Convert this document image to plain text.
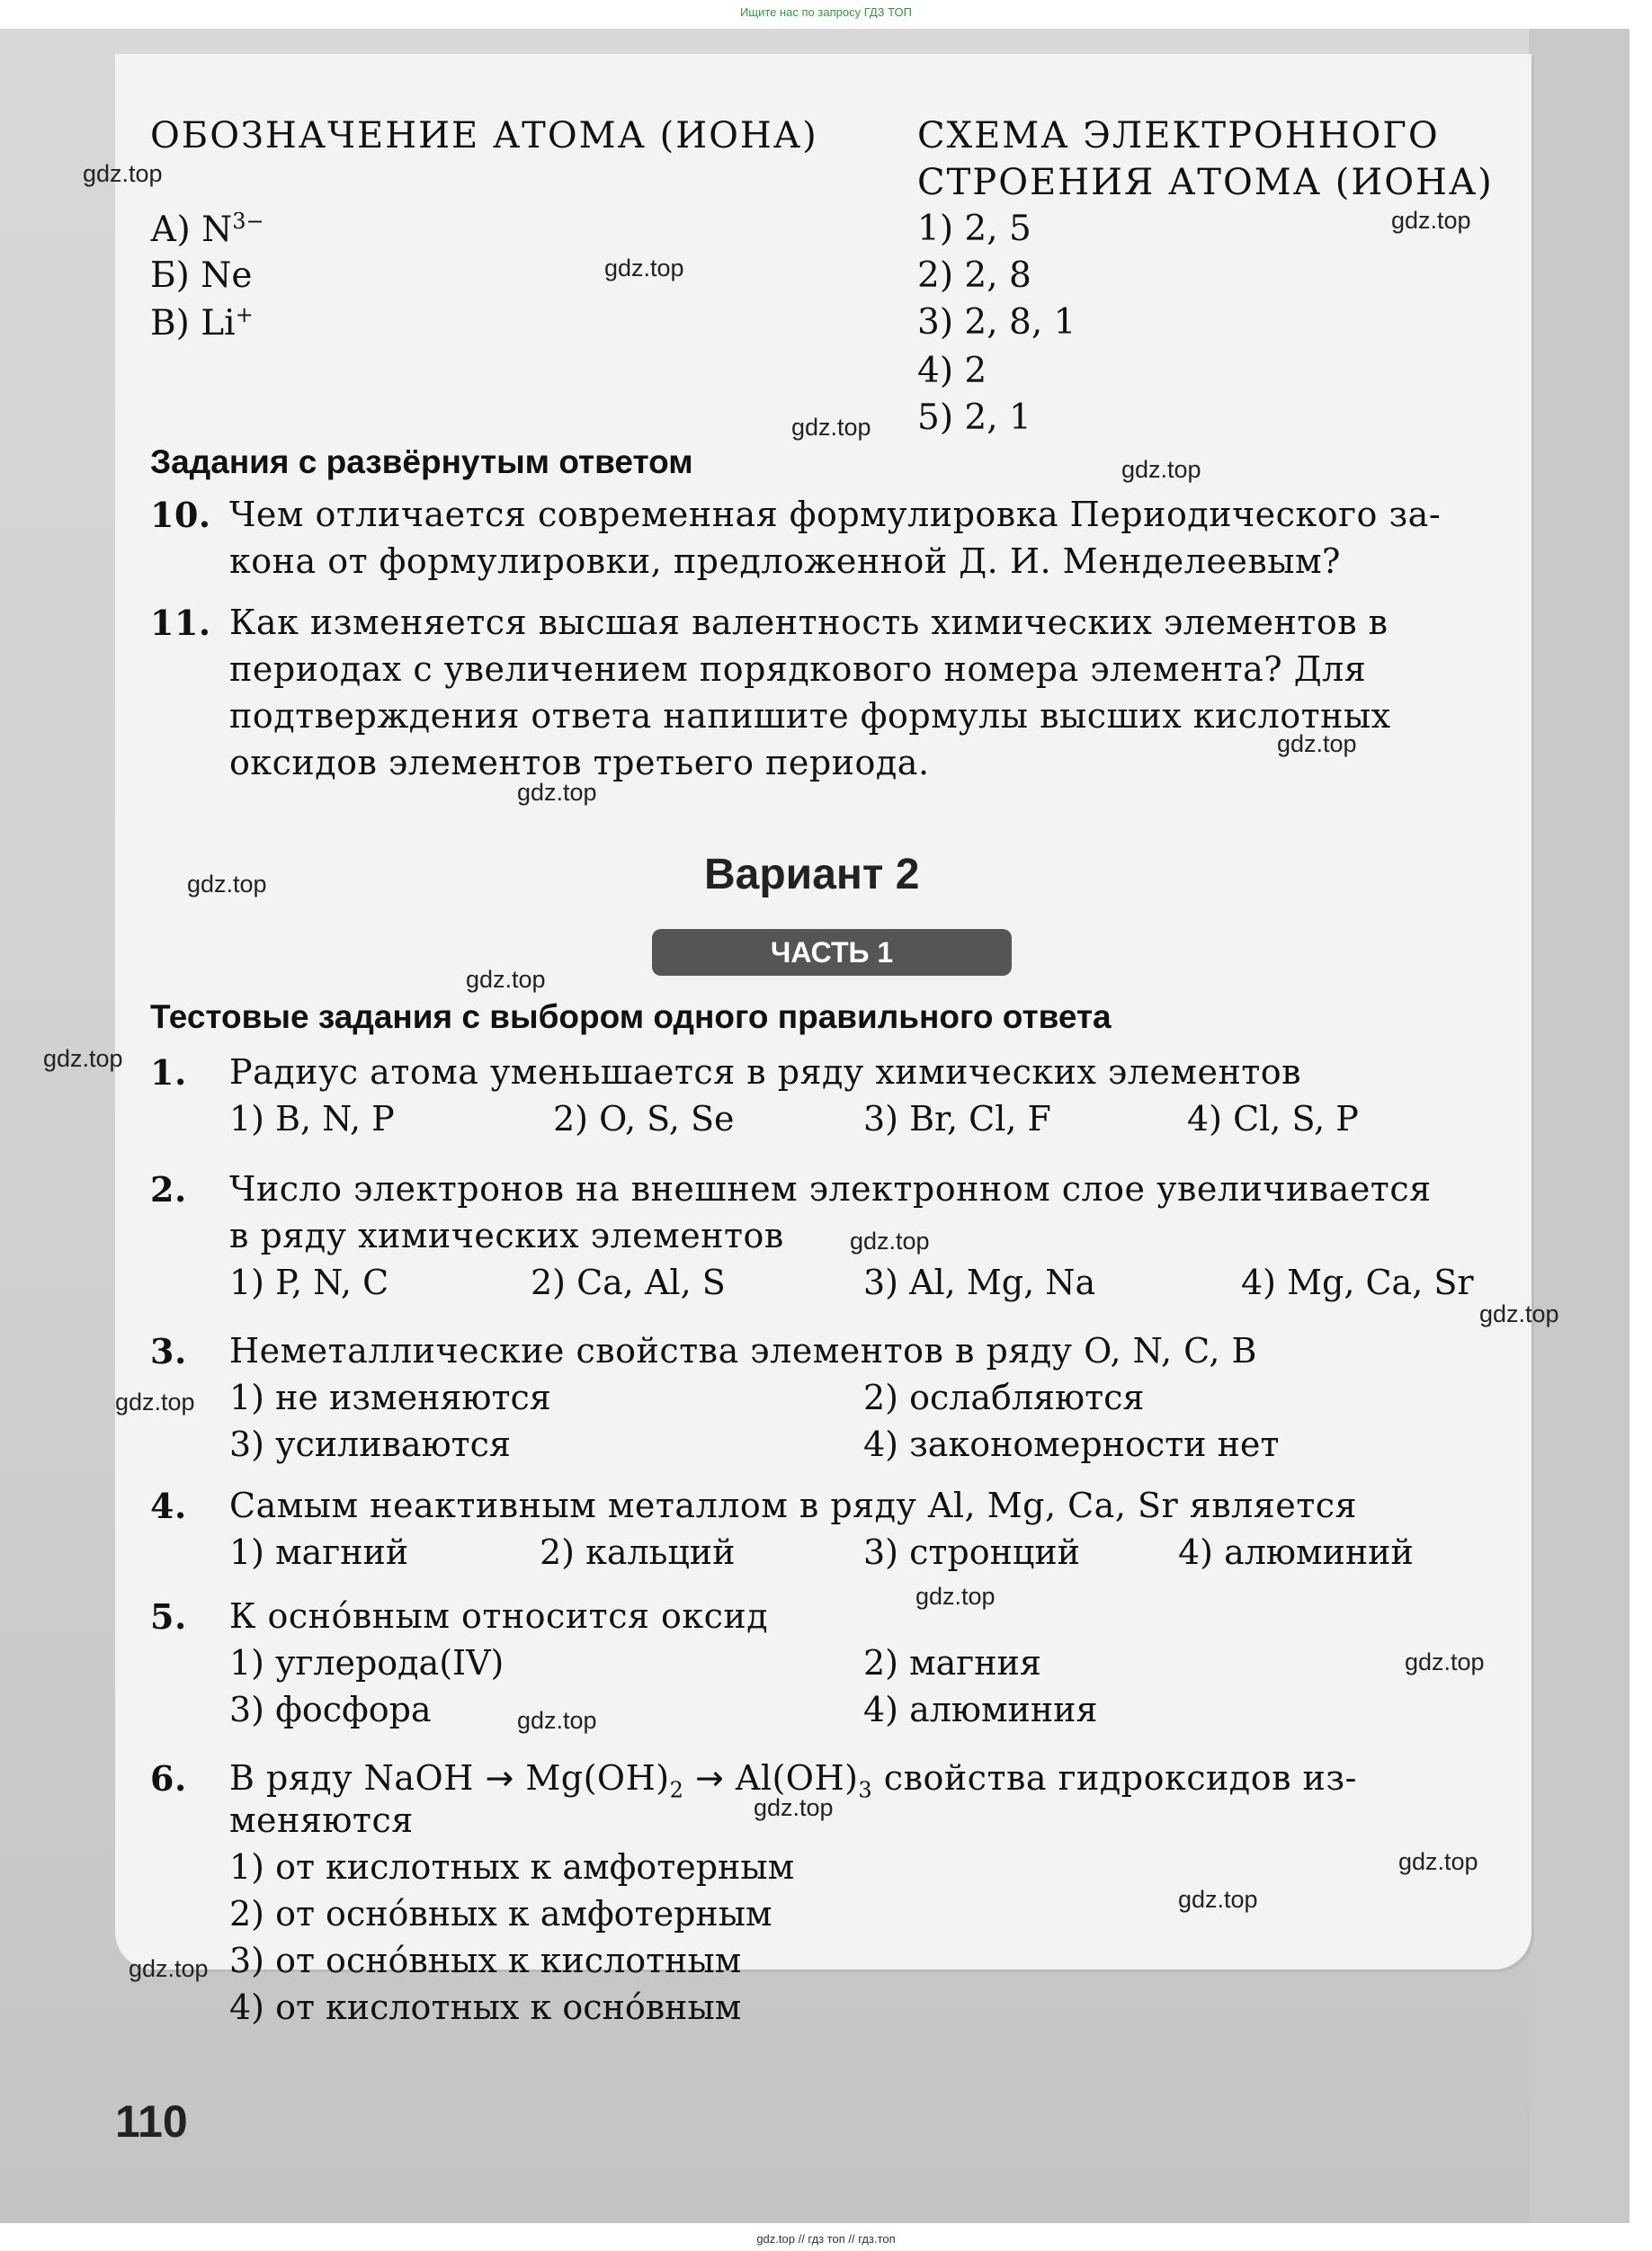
Ищите нас по запросу ГДЗ ТОП
ОБОЗНАЧЕНИЕ АТОМА (ИОНА)	СХЕМА ЭЛЕКТРОННОГО
СТРОЕНИЯ АТОМА (ИОНА)
А) $N^{3-}$
Б) Ne
В) Li+
1) 2, 5
2) 2, 8
3) 2, 8, 1
4) 2
5) 2, 1
Задания с развёрнутым ответом
10. Чем отличается современная формулировка Периодического за-
кона от формулировки, предложенной Д. И. Менделеевым?
11. Как изменяется высшая валентность химических элементов в
периодах с увеличением порядкового номера элемента? Для
подтверждения ответа напишите формулы высших кислотных
оксидов элементов третьего периода.
Вариант 2
ЧАСТЬ 1
Тестовые задания с выбором одного правильного ответа
1. Радиус атома уменьшается в ряду химических элементов
1) B, N, P	2) O, S, Se	3) Br, Cl, F	4) Cl, S, P
2. Число электронов на внешнем электронном слое увеличивается
в ряду химических элементов
1) P, N, C	2) Ca, Al, S	3) Al, Mg, Na	4) Mg, Ca, Sr
3. Неметаллические свойства элементов в ряду O, N, C, B
1) не изменяются	2) ослабляются
3) усиливаются	4) закономерности нет
4. Самым неактивным металлом в ряду Al, Mg, Ca, Sr является
1) магний	2) кальций	3) стронций	4) алюминий
5. К осно́вным относится оксид
1) углерода(IV)	2) магния
3) фосфора	4) алюминия
6. В ряду NaOH → $Mg(OH)_2 \to Al(OH)_3$ свойства гидроксидов из-
меняются
1) от кислотных к амфотерным
2) от осно́вных к амфотерным
3) от осно́вных к кислотным
4) от кислотных к осно́вным
110
gdz.top
gdz.top
gdz.top
gdz.top
gdz.top
gdz.top
gdz.top
gdz.top
gdz.top
gdz.top
gdz.top
gdz.top
gdz.top
gdz.top
gdz.top
gdz.top
gdz.top
gdz.top
gdz.top
gdz.top
gdz.top // гдз топ // гдз.топ
